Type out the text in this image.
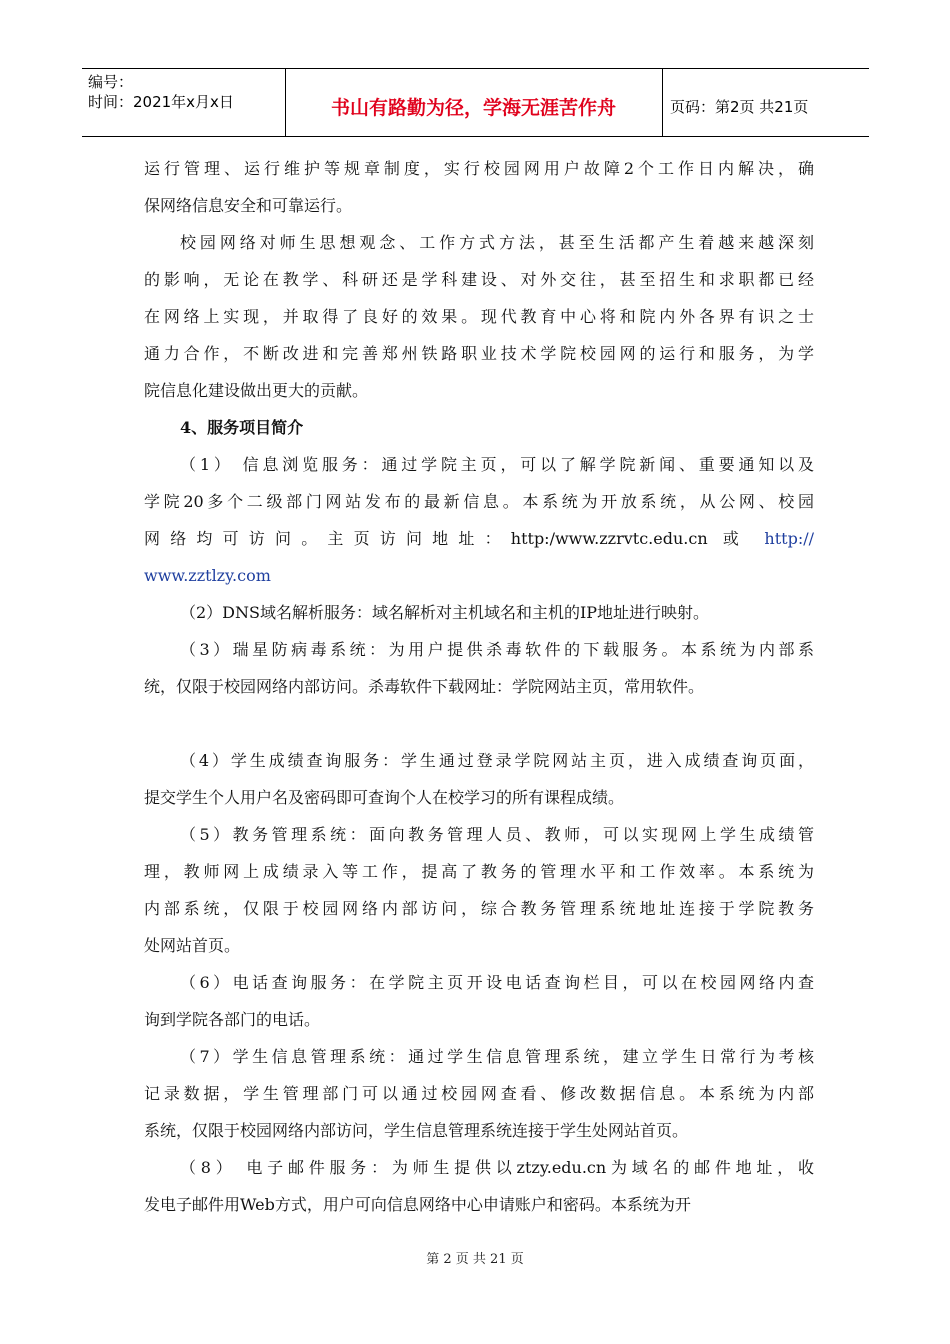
编号：
时间：2021年x月x日	书山有路勤为径，学海无涯苦作舟	页码：第2页 共21页
运行管理、运行维护等规章制度，实行校园网用户故障2个工作日内解决，确
保网络信息安全和可靠运行。
校园网络对师生思想观念、工作方式方法，甚至生活都产生着越来越深刻
的影响，无论在教学、科研还是学科建设、对外交往，甚至招生和求职都已经
在网络上实现，并取得了良好的效果。现代教育中心将和院内外各界有识之士
通力合作，不断改进和完善郑州铁路职业技术学院校园网的运行和服务，为学
院信息化建设做出更大的贡献。
4、服务项目简介
（1） 信息浏览服务：通过学院主页，可以了解学院新闻、重要通知以及
学院20多个二级部门网站发布的最新信息。本系统为开放系统，从公网、校园
网络均可访问。主页访问地址：http:/www.zzrvtc.edu.cn 或 http://
www.zztlzy.com
（2）DNS域名解析服务：域名解析对主机域名和主机的IP地址进行映射。
（3）瑞星防病毒系统：为用户提供杀毒软件的下载服务。本系统为内部系
统，仅限于校园网络内部访问。杀毒软件下载网址：学院网站主页，常用软件。
（4）学生成绩查询服务：学生通过登录学院网站主页，进入成绩查询页面，
提交学生个人用户名及密码即可查询个人在校学习的所有课程成绩。
（5）教务管理系统：面向教务管理人员、教师，可以实现网上学生成绩管
理，教师网上成绩录入等工作，提高了教务的管理水平和工作效率。本系统为
内部系统，仅限于校园网络内部访问，综合教务管理系统地址连接于学院教务
处网站首页。
（6）电话查询服务：在学院主页开设电话查询栏目，可以在校园网络内查
询到学院各部门的电话。
（7）学生信息管理系统：通过学生信息管理系统，建立学生日常行为考核
记录数据，学生管理部门可以通过校园网查看、修改数据信息。本系统为内部
系统，仅限于校园网络内部访问，学生信息管理系统连接于学生处网站首页。
（8） 电子邮件服务：为师生提供以ztzy.edu.cn为域名的邮件地址，收
发电子邮件用Web方式，用户可向信息网络中心申请账户和密码。本系统为开
第 2 页 共 21 页
